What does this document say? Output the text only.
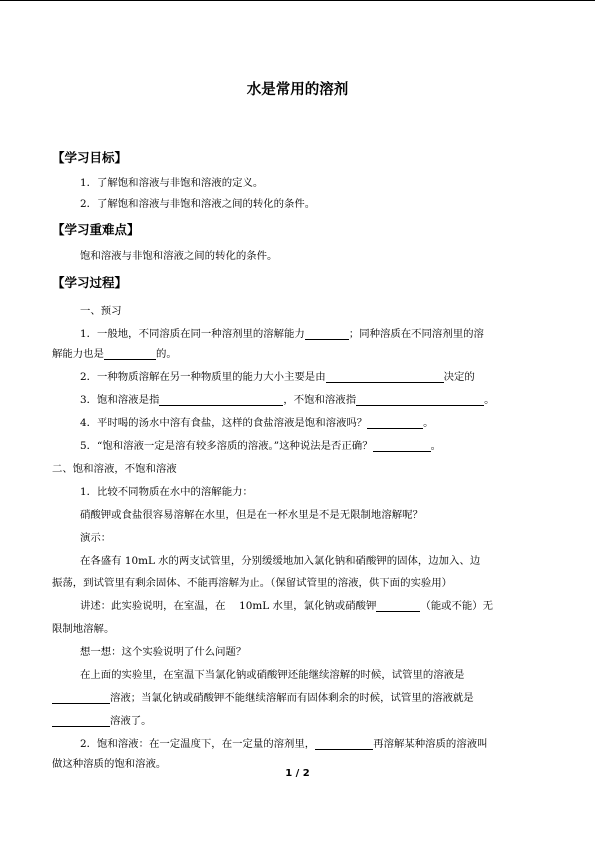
水是常用的溶剂
【学习目标】
1．了解饱和溶液与非饱和溶液的定义。
2．了解饱和溶液与非饱和溶液之间的转化的条件。
【学习重难点】
饱和溶液与非饱和溶液之间的转化的条件。
【学习过程】
一、预习
1．一般地，不同溶质在同一种溶剂里的溶解能力	；同种溶质在不同溶剂里的溶
解能力也是	的。
2．一种物质溶解在另一种物质里的能力大小主要是由	决定的
3．饱和溶液是指	，不饱和溶液指	。
4．平时喝的汤水中溶有食盐，这样的食盐溶液是饱和溶液吗？	。
5．“饱和溶液一定是溶有较多溶质的溶液。”这种说法是否正确？	。
二、饱和溶液，不饱和溶液
1．比较不同物质在水中的溶解能力：
硝酸钾或食盐很容易溶解在水里，但是在一杯水里是不是无限制地溶解呢？
演示：
在各盛有 10mL 水的两支试管里，分别缓缓地加入氯化钠和硝酸钾的固体，边加入、边
振荡，到试管里有剩余固体、不能再溶解为止。（保留试管里的溶液，供下面的实验用）
讲述：此实验说明，在室温，在　 10mL 水里，氯化钠或硝酸钾	（能或不能）无
限制地溶解。
想一想：这个实验说明了什么问题？
在上面的实验里，在室温下当氯化钠或硝酸钾还能继续溶解的时候，试管里的溶液是
溶液；当氯化钠或硝酸钾不能继续溶解而有固体剩余的时候，试管里的溶液就是
溶液了。
2．饱和溶液：在一定温度下，在一定量的溶剂里，	再溶解某种溶质的溶液叫
做这种溶质的饱和溶液。
1 / 2
